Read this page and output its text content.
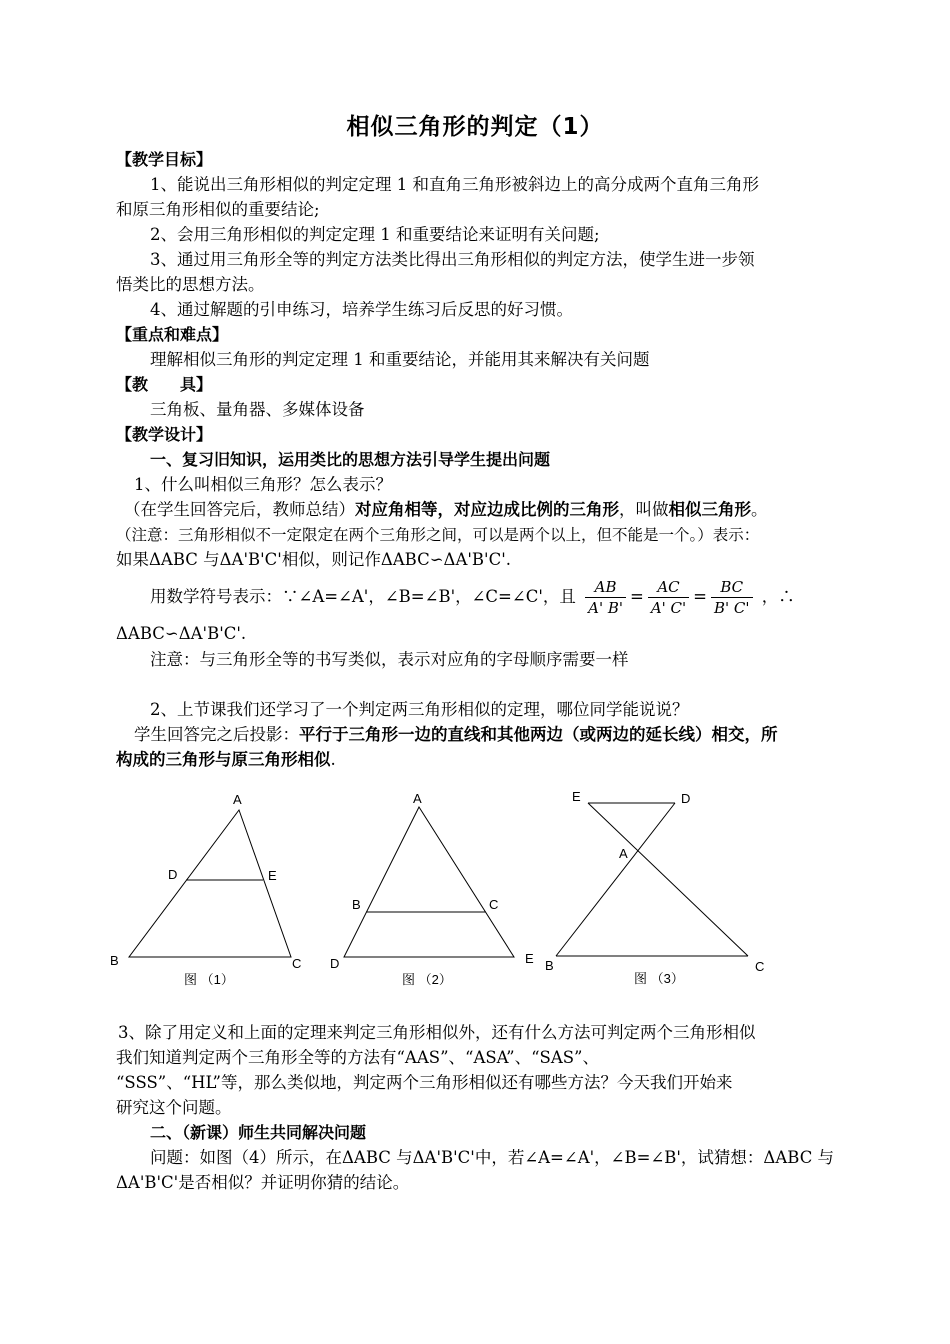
相似三角形的判定（1）
【教学目标】
1、能说出三角形相似的判定定理 1 和直角三角形被斜边上的高分成两个直角三角形
和原三角形相似的重要结论;
2、会用三角形相似的判定定理 1 和重要结论来证明有关问题;
3、通过用三角形全等的判定方法类比得出三角形相似的判定方法，使学生进一步领
悟类比的思想方法。
4、通过解题的引申练习，培养学生练习后反思的好习惯。
【重点和难点】
理解相似三角形的判定定理 1 和重要结论，并能用其来解决有关问题
【教　　具】
三角板、量角器、多媒体设备
【教学设计】
一、复习旧知识，运用类比的思想方法引导学生提出问题
1、什么叫相似三角形？怎么表示？
（在学生回答完后，教师总结）对应角相等，对应边成比例的三角形，叫做相似三角形。
（注意：三角形相似不一定限定在两个三角形之间，可以是两个以上，但不能是一个。）表示：
如果ΔABC 与ΔA'B'C'相似，则记作ΔABC∽ΔA'B'C'.
用数学符号表示：∵∠A=∠A'，∠B=∠B'，∠C=∠C'，且 $\frac{AB}{A' B'} = \frac{AC}{A' C'} = \frac{BC}{B' C'}$ ，∴
ΔABC∽ΔA'B'C'.
注意：与三角形全等的书写类似，表示对应角的字母顺序需要一样
2、上节课我们还学习了一个判定两三角形相似的定理，哪位同学能说说？
学生回答完之后投影：平行于三角形一边的直线和其他两边（或两边的延长线）相交，所
构成的三角形与原三角形相似.
A
D	E
B	C
图 （1）
A
B	C
D	E
图 （2）
E	D
A
B	C
图 （3）
3、除了用定义和上面的定理来判定三角形相似外，还有什么方法可判定两个三角形相似
我们知道判定两个三角形全等的方法有“AAS”、“ASA”、“SAS”、
“SSS”、“HL”等，那么类似地，判定两个三角形相似还有哪些方法？今天我们开始来
研究这个问题。
二、（新课）师生共同解决问题
问题：如图（4）所示，在ΔABC 与ΔA'B'C'中，若∠A=∠A'，∠B=∠B'，试猜想：ΔABC 与
ΔA'B'C'是否相似？并证明你猜的结论。
